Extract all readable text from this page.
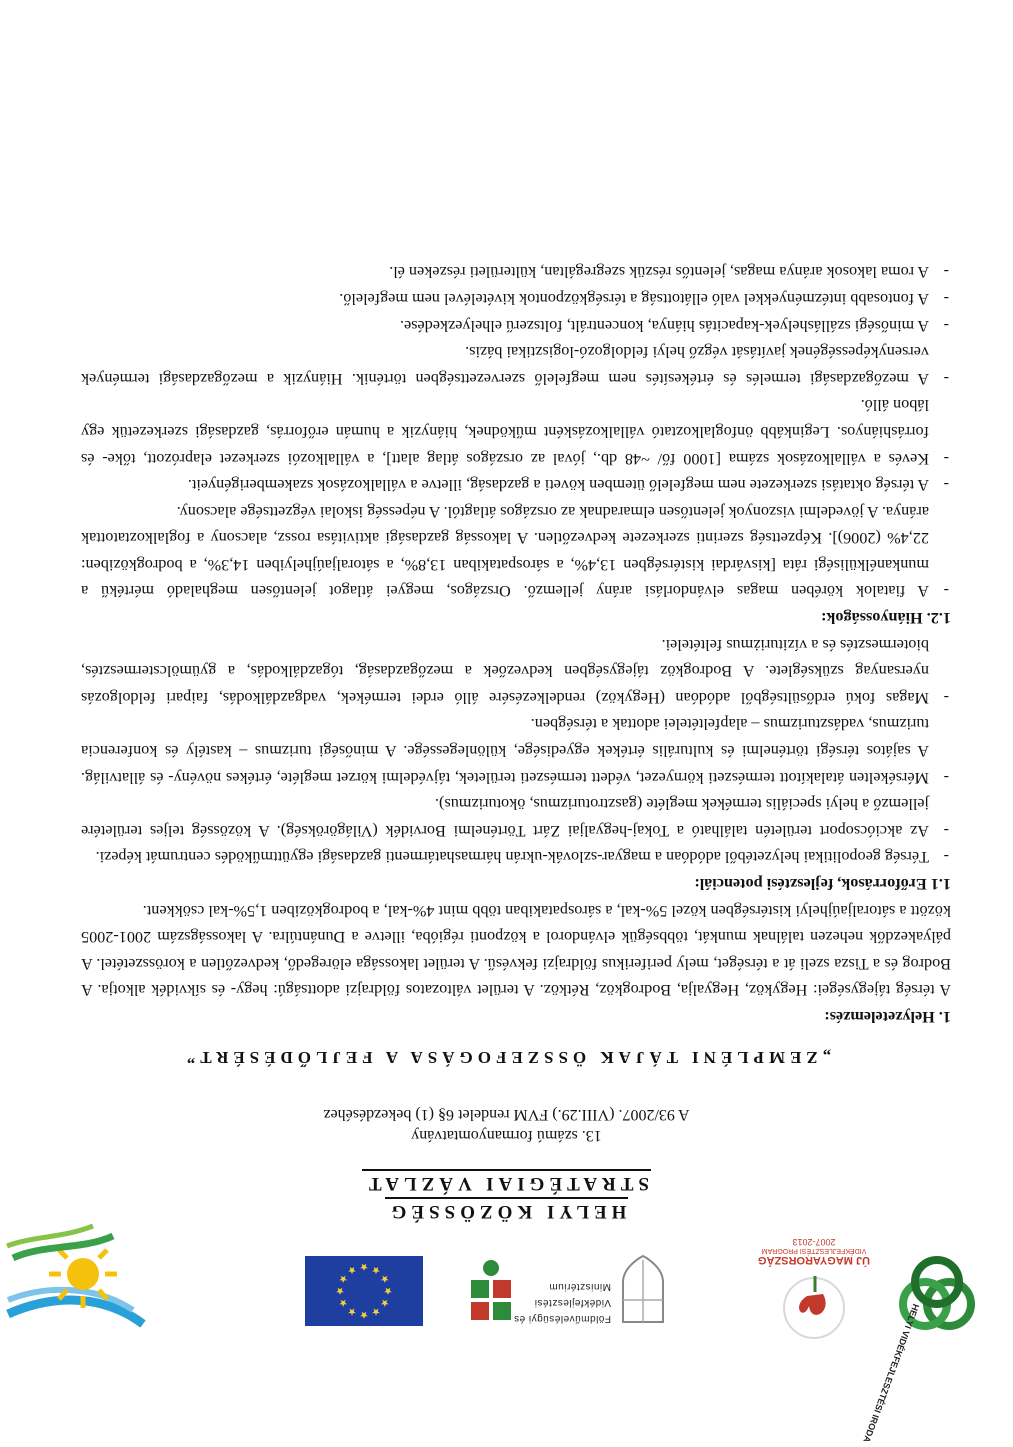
HELYI VIDÉKFEJLESZTÉSI IRODA
ÚJ MAGYARORSZÁG
VIDÉKFEJLESZTÉSI PROGRAM
2007-2013
Földművelésügyi és
Vidékfejlesztési
Minisztérium
HELYI KÖZÖSSÉG
STRATÉGIAI VÁZLAT
13. számú formanyomtatvány
A 93/2007. (VIII.29.) FVM rendelet 6§ (1) bekezdéséhez
„ZEMPLÉNI TÁJAK ÖSSZEFOGÁSA A FEJLŐDÉSÉRT”
1. Helyzetelemzés:
A térség tájegységei: Hegyköz, Hegyalja, Bodrogköz, Rétköz. A terület változatos földrajzi adottságú: hegy- és síkvidék alkotja. A Bodrog és a Tisza szeli át a térséget, mely periferikus földrajzi fekvésű. A terület lakossága elöregedő, kedvezőtlen a korösszetétel. A pályakezdők nehezen találnak munkát, többségük elvándorol a központi régióba, illetve a Dunántúlra. A lakosságszám 2001-2005 között a sátoraljaújhelyi kistérségben közel 5%-kal, a sárospatakiban több mint 4%-kal, a bodrogköziben 1,5%-kal csökkent.
1.1 Erőforrások, fejlesztési potenciál:
- Térség geopolitikai helyzetéből adódóan a magyar-szlovák-ukrán hármashatármenti gazdasági együttműködés centrumát képezi.
- Az akciócsoport területén található a Tokaj-hegyaljai Zárt Történelmi Borvidék (Világörökség). A közösség teljes területére jellemző a helyi speciális termékek megléte (gasztroturizmus, ökoturizmus).
- Mérsékelten átalakított természeti környezet, védett természeti területek, tájvédelmi körzet megléte, értékes növény- és állatvilág. A sajátos térségi történelmi és kulturális értékek egyedisége, különlegessége. A minőségi turizmus – kastély és konferencia turizmus, vadászturizmus – alapfeltételei adottak a térségben.
- Magas fokú erdősültségből adódóan (Hegyköz) rendelkezésére álló erdei termékek, vadgazdálkodás, faipari feldolgozás nyersanyag szükséglete. A Bodrogköz tájegységben kedvezőek a mezőgazdaság, tógazdálkodás, a gyümölcstermesztés, biotermesztés és a vízituriżmus feltételei.
1.2. Hiányosságok:
- A fiatalok körében magas elvándorlási arány jellemző. Országos, megyei átlagot jelentősen meghaladó mértékű a munkanélküliségi ráta [kisvárdai kistérségben 13,4%, a sárospatakiban 13,8%, a sátoraljaújhelyiben 14,3%, a bodrogköziben: 22,4% (2006)]. Képzettség szerinti szerkezete kedvezőtlen. A lakosság gazdasági aktivitása rossz, alacsony a foglalkoztatottak aránya. A jövedelmi viszonyok jelentősen elmaradnak az országos átlagtól. A népesség iskolai végzettsége alacsony.
- A térség oktatási szerkezete nem megfelelő ütemben követi a gazdaság, illetve a vállalkozások szakemberigényeit.
- Kevés a vállalkozások száma [1000 fő/ ~48 db., jóval az országos átlag alatt], a vállalkozói szerkezet elaprózott, tőke- és forráshiányos. Leginkább önfoglalkoztató vállalkozásként működnek, hiányzik a humán erőforrás, gazdasági szerkezetük egy lábon álló.
- A mezőgazdasági termelés és értékesítés nem megfelelő szervezettségben történik. Hiányzik a mezőgazdasági termények versenyképességének javítását végző helyi feldolgozó-logisztikai bázis.
- A minőségi szálláshelyek-kapacitás hiánya, koncentrált, foltszerű elhelyezkedése.
- A fontosabb intézményekkel való ellátottság a térségközpontok kivételével nem megfelelő.
- A roma lakosok aránya magas, jelentős részük szegregáltan, külterületi részeken él.
